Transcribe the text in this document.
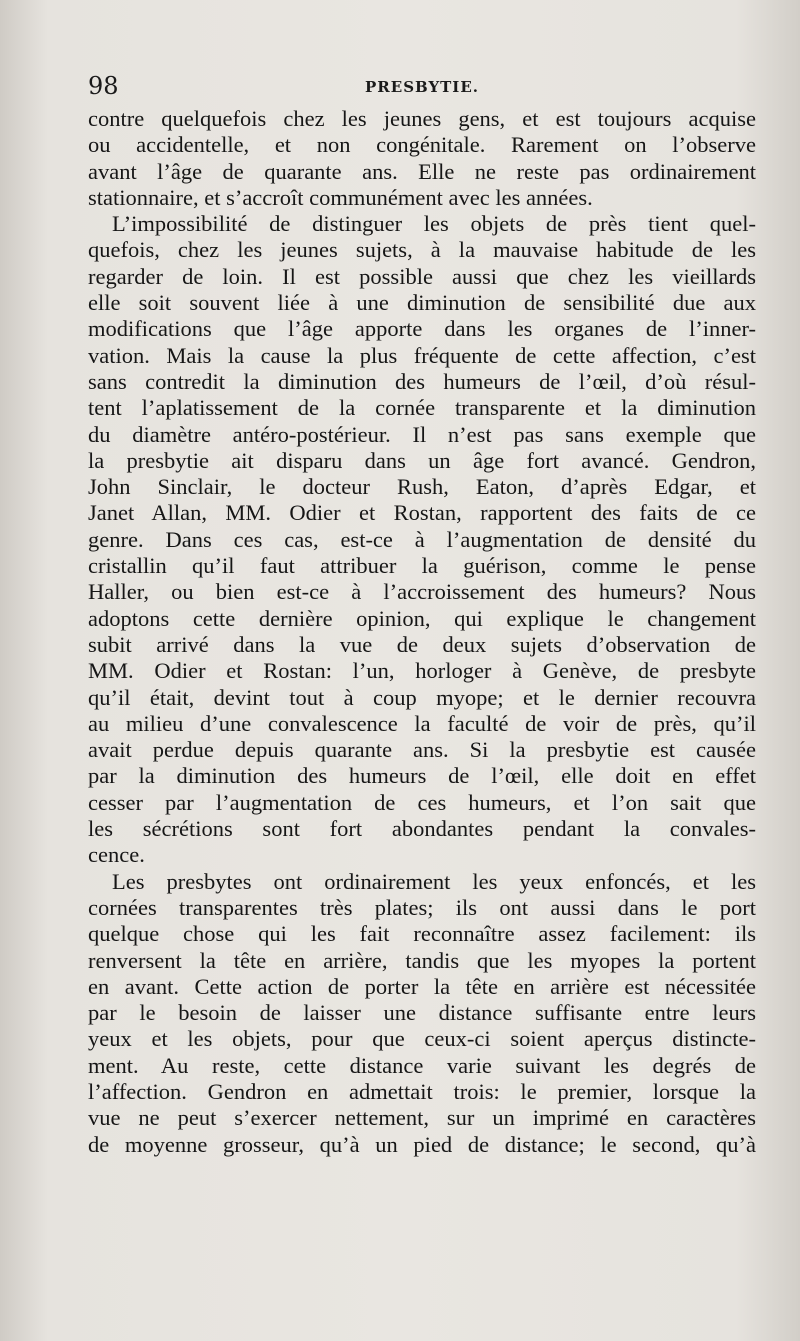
98	PRESBYTIE.

contre quelquefois chez les jeunes gens, et est toujours acquise
ou accidentelle, et non congénitale. Rarement on l’observe
avant l’âge de quarante ans. Elle ne reste pas ordinairement
stationnaire, et s’accroît communément avec les années.

L’impossibilité de distinguer les objets de près tient quel-
quefois, chez les jeunes sujets, à la mauvaise habitude de les
regarder de loin. Il est possible aussi que chez les vieillards
elle soit souvent liée à une diminution de sensibilité due aux
modifications que l’âge apporte dans les organes de l’inner-
vation. Mais la cause la plus fréquente de cette affection, c’est
sans contredit la diminution des humeurs de l’œil, d’où résul-
tent l’aplatissement de la cornée transparente et la diminution
du diamètre antéro-postérieur. Il n’est pas sans exemple que
la presbytie ait disparu dans un âge fort avancé. Gendron,
John Sinclair, le docteur Rush, Eaton, d’après Edgar, et
Janet Allan, MM. Odier et Rostan, rapportent des faits de ce
genre. Dans ces cas, est-ce à l’augmentation de densité du
cristallin qu’il faut attribuer la guérison, comme le pense
Haller, ou bien est-ce à l’accroissement des humeurs? Nous
adoptons cette dernière opinion, qui explique le changement
subit arrivé dans la vue de deux sujets d’observation de
MM. Odier et Rostan: l’un, horloger à Genève, de presbyte
qu’il était, devint tout à coup myope; et le dernier recouvra
au milieu d’une convalescence la faculté de voir de près, qu’il
avait perdue depuis quarante ans. Si la presbytie est causée
par la diminution des humeurs de l’œil, elle doit en effet
cesser par l’augmentation de ces humeurs, et l’on sait que
les sécrétions sont fort abondantes pendant la convales-
cence.

Les presbytes ont ordinairement les yeux enfoncés, et les
cornées transparentes très plates; ils ont aussi dans le port
quelque chose qui les fait reconnaître assez facilement: ils
renversent la tête en arrière, tandis que les myopes la portent
en avant. Cette action de porter la tête en arrière est nécessitée
par le besoin de laisser une distance suffisante entre leurs
yeux et les objets, pour que ceux-ci soient aperçus distincte-
ment. Au reste, cette distance varie suivant les degrés de
l’affection. Gendron en admettait trois: le premier, lorsque la
vue ne peut s’exercer nettement, sur un imprimé en caractères
de moyenne grosseur, qu’à un pied de distance; le second, qu’à
